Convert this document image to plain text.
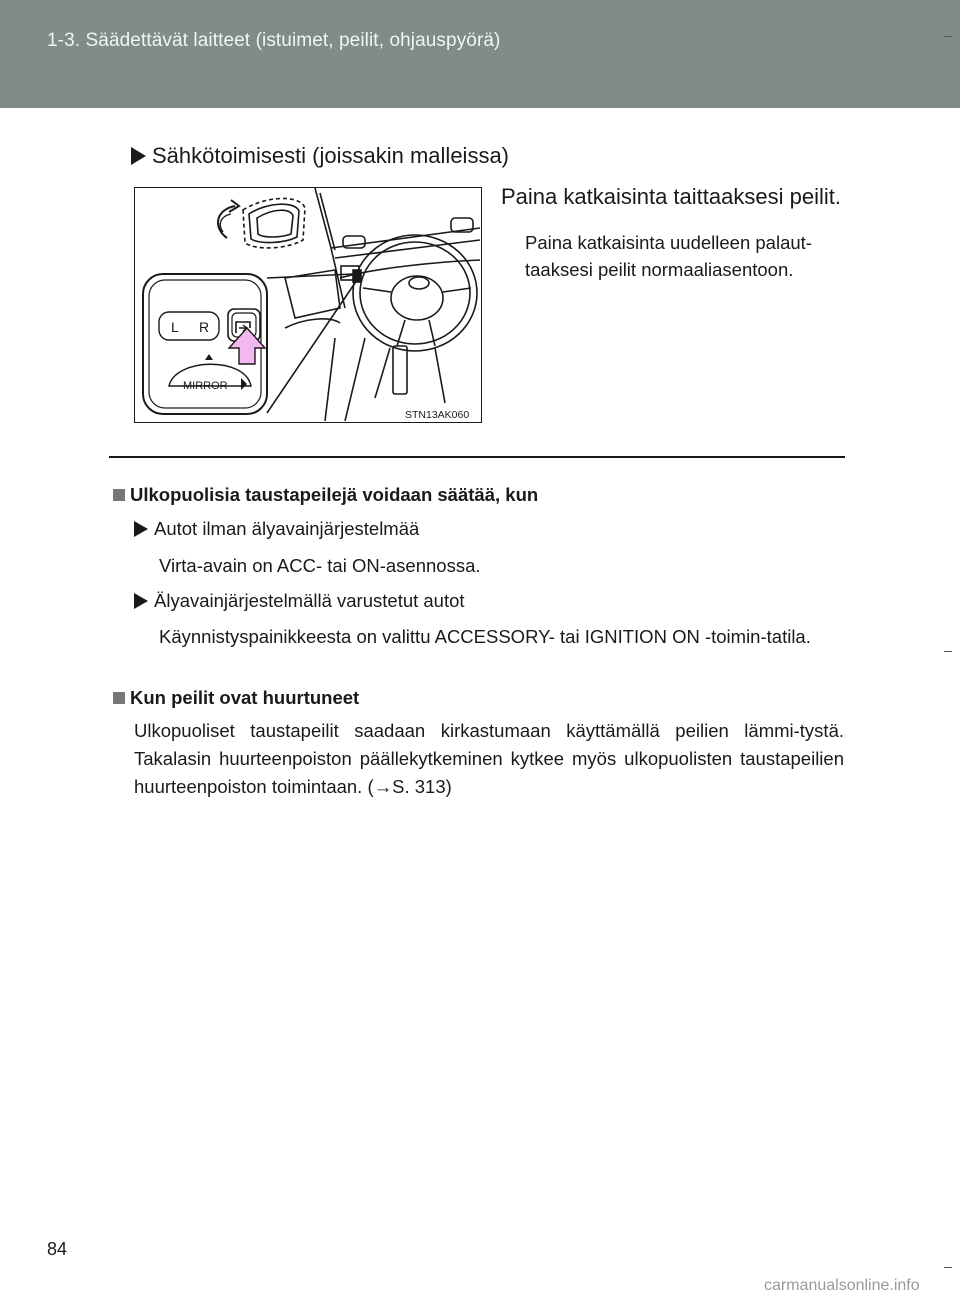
1-3. Säädettävät laitteet (istuimet, peilit, ohjauspyörä)
Sähkötoimisesti (joissakin malleissa)
L R
MIRROR
STN13AK060
Paina katkaisinta taittaaksesi peilit.
Paina katkaisinta uudelleen palaut-taaksesi peilit normaaliasentoon.
Ulkopuolisia taustapeilejä voidaan säätää, kun
Autot ilman älyavainjärjestelmää
Virta-avain on ACC- tai ON-asennossa.
Älyavainjärjestelmällä varustetut autot
Käynnistyspainikkeesta on valittu ACCESSORY- tai IGNITION ON -toimin-tatila.
Kun peilit ovat huurtuneet
Ulkopuoliset taustapeilit saadaan kirkastumaan käyttämällä peilien lämmi-tystä. Takalasin huurteenpoiston päällekytkeminen kytkee myös ulkopuolisten taustapeilien huurteenpoiston toimintaan. (→S. 313)
84
carmanualsonline.info
